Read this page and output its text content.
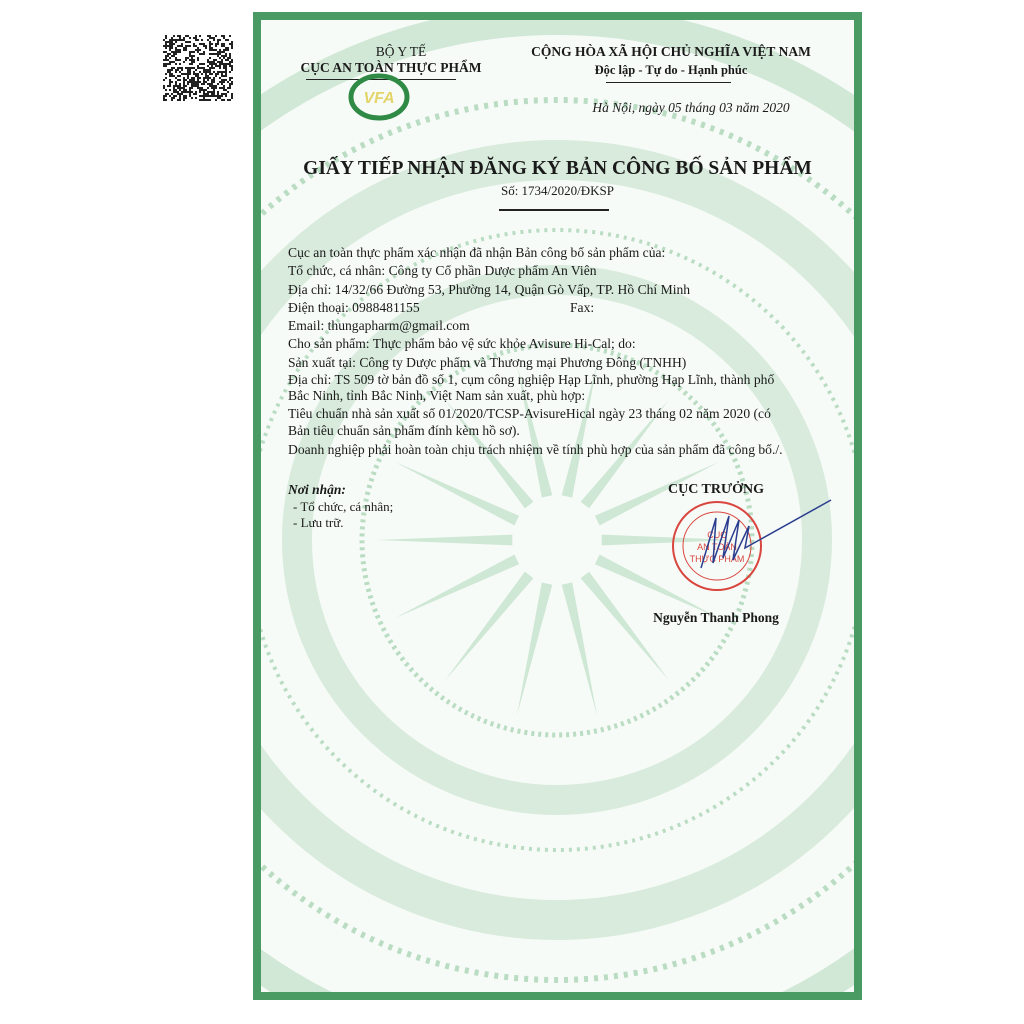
BỘ Y TẾ
CỤC AN TOÀN THỰC PHẨM
VFA
CỘNG HÒA XÃ HỘI CHỦ NGHĨA VIỆT NAM
Độc lập - Tự do - Hạnh phúc
Hà Nội, ngày 05 tháng 03 năm 2020
GIẤY TIẾP NHẬN ĐĂNG KÝ BẢN CÔNG BỐ SẢN PHẨM
Số: 1734/2020/ĐKSP
Cục an toàn thực phẩm xác nhận đã nhận Bản công bố sản phẩm của:
Tổ chức, cá nhân: Công ty Cổ phần Dược phẩm An Viên
Địa chỉ: 14/32/66 Đường 53, Phường 14, Quận Gò Vấp, TP. Hồ Chí Minh
Điện thoại: 0988481155	Fax:
Email: thungapharm@gmail.com
Cho sản phẩm: Thực phẩm bảo vệ sức khỏe Avisure Hi-Cal; do:
Sản xuất tại: Công ty Dược phẩm và Thương mại Phương Đông (TNHH)
Địa chỉ: TS 509 tờ bản đồ số 1, cụm công nghiệp Hạp Lĩnh, phường Hạp Lĩnh, thành phố
Bắc Ninh, tỉnh Bắc Ninh, Việt Nam sản xuất, phù hợp:
Tiêu chuẩn nhà sản xuất số 01/2020/TCSP-AvisureHical ngày 23 tháng 02 năm 2020 (có
Bản tiêu chuẩn sản phẩm đính kèm hồ sơ).
Doanh nghiệp phải hoàn toàn chịu trách nhiệm về tính phù hợp của sản phẩm đã công bố./.
Nơi nhận:
- Tổ chức, cá nhân;
- Lưu trữ.
CỤC TRƯỞNG
CỤC
AN TOÀN
THỰC PHẨM
Nguyễn Thanh Phong
